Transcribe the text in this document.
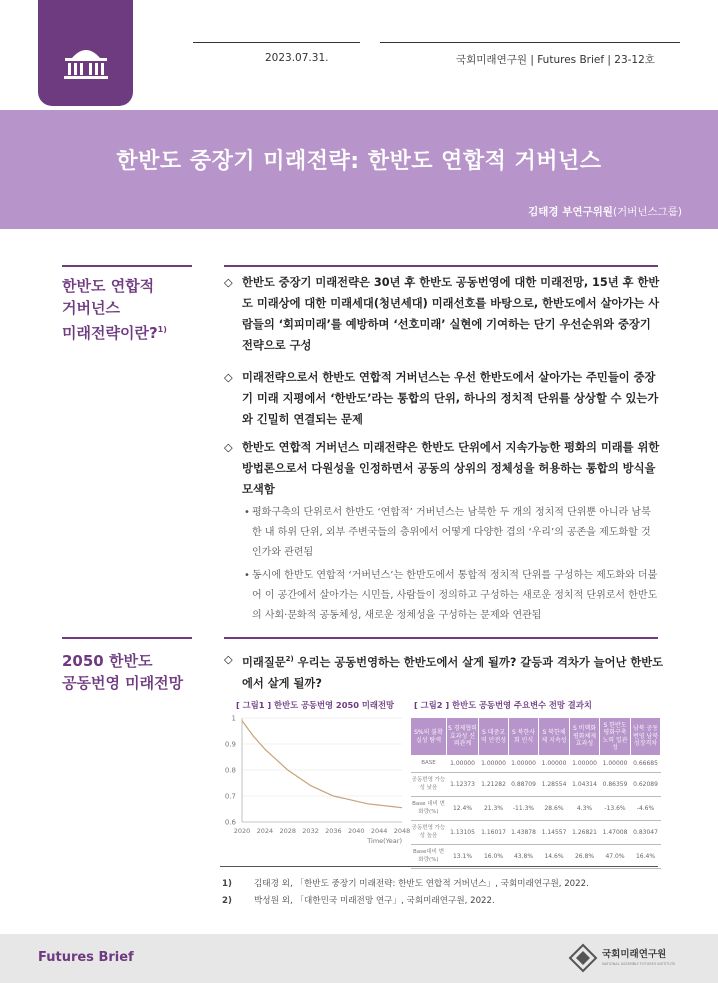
2023.07.31.	국회미래연구원 | Futures Brief | 23-12호
한반도 중장기 미래전략: 한반도 연합적 거버넌스
김태경 부연구위원(거버넌스그룹)
한반도 연합적
거버넌스
미래전략이란?$^{1)}$
◇ 한반도 중장기 미래전략은 30년 후 한반도 공동번영에 대한 미래전망, 15년 후 한반도 미래상에 대한 미래세대(청년세대) 미래선호를 바탕으로, 한반도에서 살아가는 사람들의 ‘회피미래’를 예방하며 ‘선호미래’ 실현에 기여하는 단기 우선순위와 중장기 전략으로 구성
◇ 미래전략으로서 한반도 연합적 거버넌스는 우선 한반도에서 살아가는 주민들이 중장기 미래 지평에서 ‘한반도’라는 통합의 단위, 하나의 정치적 단위를 상상할 수 있는가와 긴밀히 연결되는 문제
◇ 한반도 연합적 거버넌스 미래전략은 한반도 단위에서 지속가능한 평화의 미래를 위한 방법론으로서 다원성을 인정하면서 공동의 상위의 정체성을 허용하는 통합의 방식을 모색함
• 평화구축의 단위로서 한반도 ‘연합적’ 거버넌스는 남북한 두 개의 정치적 단위뿐 아니라 남북한 내 하위 단위, 외부 주변국들의 층위에서 어떻게 다양한 겹의 ‘우리’의 공존을 제도화할 것인가와 관련됨
• 동시에 한반도 연합적 ‘거버넌스’는 한반도에서 통합적 정치적 단위를 구성하는 제도화와 더불어 이 공간에서 살아가는 시민들, 사람들이 정의하고 구성하는 새로운 정치적 단위로서 한반도의 사회·문화적 공동체성, 새로운 정체성을 구성하는 문제와 연관됨
2050 한반도
공동번영 미래전망
◇ 미래질문$^{2)}$ 우리는 공동번영하는 한반도에서 살게 될까? 갈등과 격차가 늘어난 한반도에서 살게 될까?
[ 그림1 ] 한반도 공동번영 2050 미래전망 [ 그림2 ] 한반도 공동번영 주요변수 전망 결과치
1
0.9
0.8
0.7
0.6
2020 2024 2028 2032 2036 2040 2044 2048
Time(Year)
S%의 불확실성 탐색	S 경제협력 효과성 신뢰관계	S 대중교역 안전성	S 북한사회 인식	S 북한체제 지속성	S 비핵화 평화체제 효과성	S 한반도 평화구축 노력 일관성	남북 공동번영 남북 성장격차
BASE	1.00000	1.00000	1.00000	1.00000	1.00000	1.00000	0.66685
공동번영 가능성 낮음	1.12373	1.21282	0.88709	1.28554	1.04314	0.86359	0.62089
Base 대비 변화량(%)	12.4%	21.3%	-11.3%	28.6%	4.3%	-13.6%	-4.6%
공동번영 가능성 높음	1.13105	1.16017	1.43878	1.14557	1.26821	1.47008	0.83047
Base대비 변화량(%)	13.1%	16.0%	43.8%	14.6%	26.8%	47.0%	16.4%
1)	김태경 외, 「한반도 중장기 미래전략: 한반도 연합적 거버넌스」, 국회미래연구원, 2022.
2)	박성원 외, 「대한민국 미래전망 연구」, 국회미래연구원, 2022.
Futures Brief	국회미래연구원
NATIONAL ASSEMBLY FUTURES INSTITUTE
